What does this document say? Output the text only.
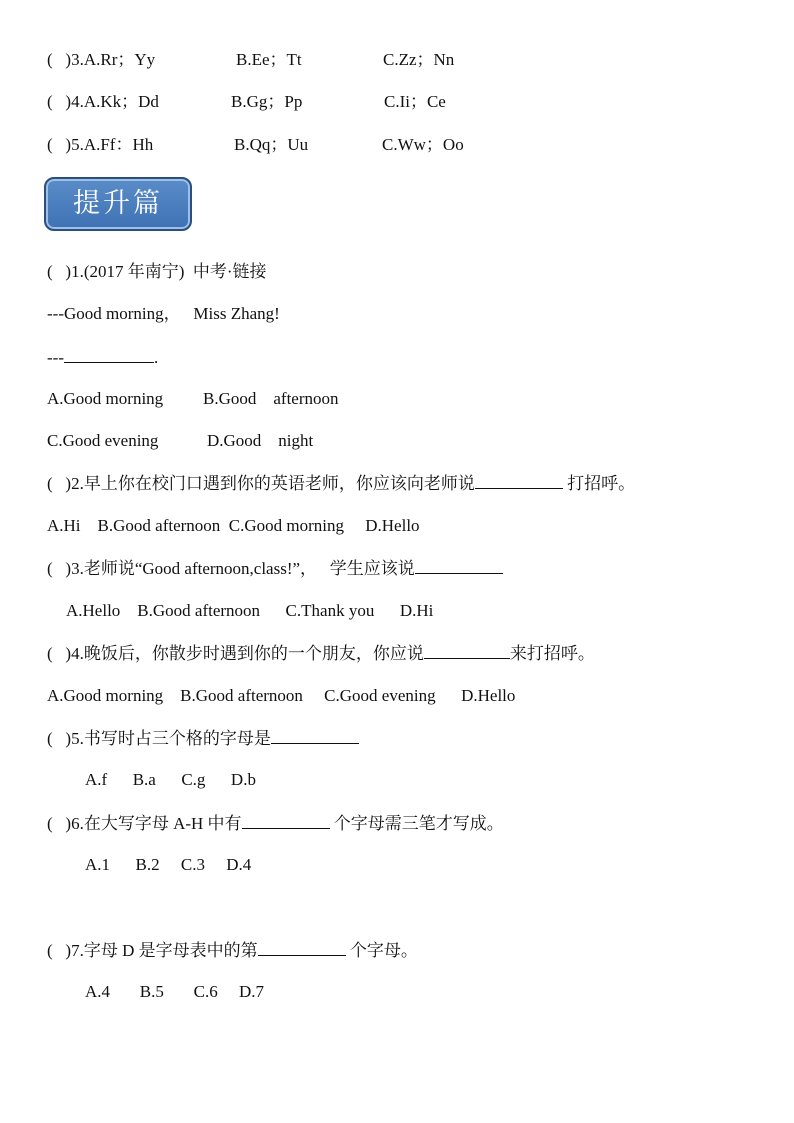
(   )3.A.Rr；Yy	B.Ee；Tt	C.Zz；Nn
(   )4.A.Kk；Dd	B.Gg；Pp	C.Ii；Ce
(   )5.A.Ff：Hh	B.Qq；Uu	C.Ww；Oo
提升篇
(   )1.(2017 年南宁)  中考·链接
---Good morning，   Miss Zhang!
---	.
A.Good morning B.Good    afternoon
C.Good evening	D.Good    night
(   )2.早上你在校门口遇到你的英语老师，你应该向老师说	打招呼。
A.Hi    B.Good afternoon  C.Good morning     D.Hello
(   )3.老师说“Good afternoon,class!”，   学生应该说
A.Hello    B.Good afternoon      C.Thank you      D.Hi
(   )4.晚饭后，你散步时遇到你的一个朋友，你应说	来打招呼。
A.Good morning    B.Good afternoon     C.Good evening      D.Hello
(   )5.书写时占三个格的字母是
A.f      B.a      C.g      D.b
(   )6.在大写字母 A-H 中有	个字母需三笔才写成。
A.1      B.2     C.3     D.4
(   )7.字母 D 是字母表中的第	个字母。
A.4       B.5       C.6     D.7
